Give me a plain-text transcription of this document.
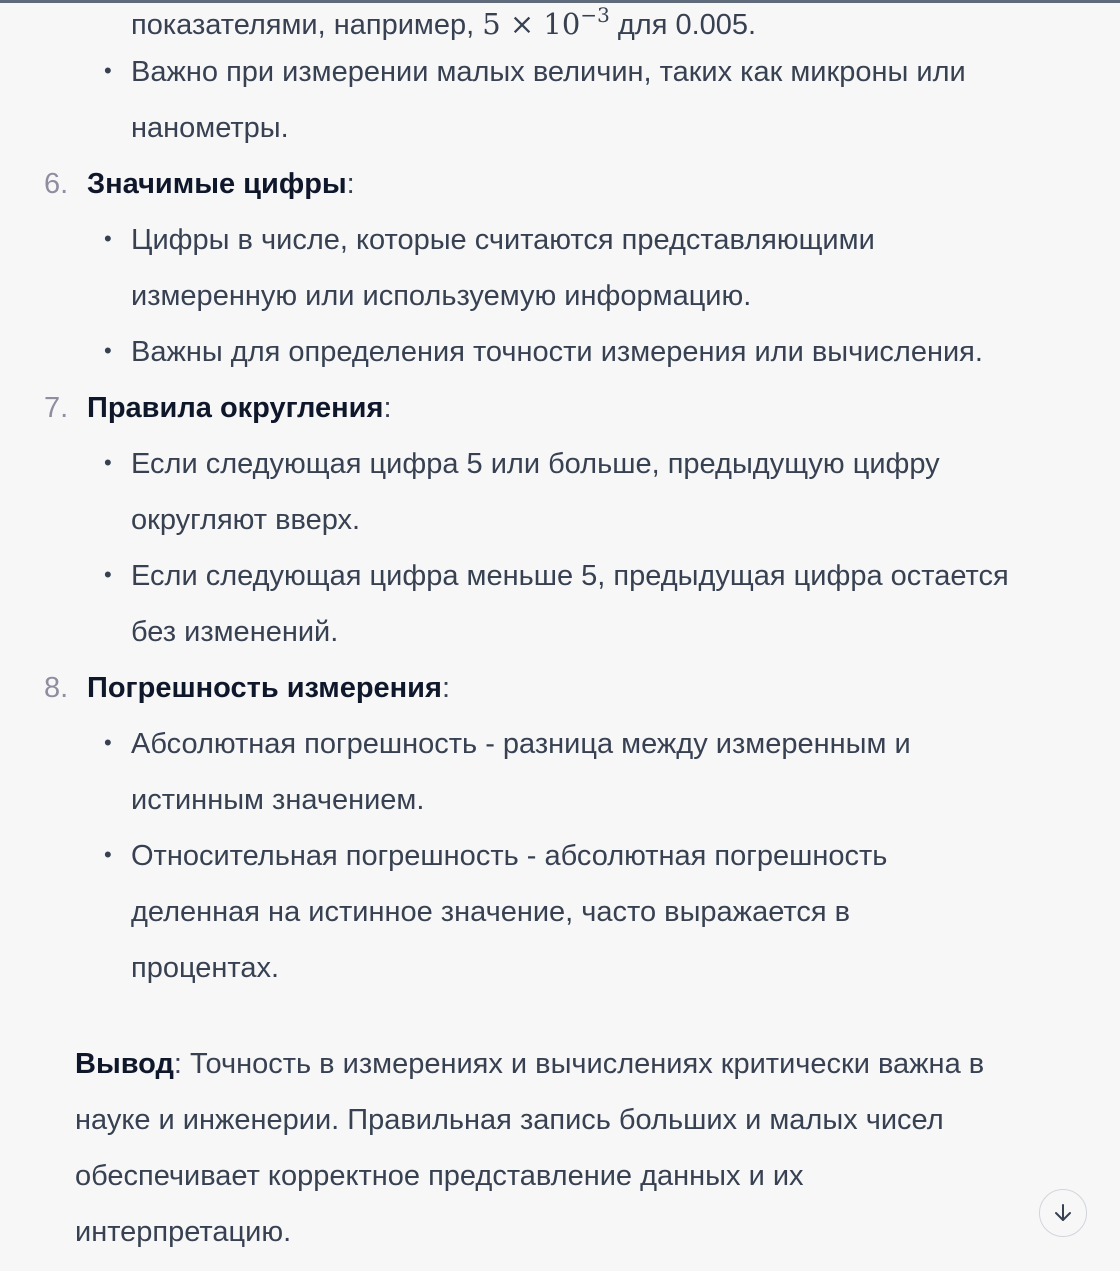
показателями, например, $5 \times 10^{-3}$ для 0.005.
• Важно при измерении малых величин, таких как микроны или
нанометры.
6. Значимые цифры:
• Цифры в числе, которые считаются представляющими
измеренную или используемую информацию.
• Важны для определения точности измерения или вычисления.
7. Правила округления:
• Если следующая цифра 5 или больше, предыдущую цифру
округляют вверх.
• Если следующая цифра меньше 5, предыдущая цифра остается
без изменений.
8. Погрешность измерения:
• Абсолютная погрешность - разница между измеренным и
истинным значением.
• Относительная погрешность - абсолютная погрешность
деленная на истинное значение, часто выражается в
процентах.
Вывод: Точность в измерениях и вычислениях критически важна в
науке и инженерии. Правильная запись больших и малых чисел
обеспечивает корректное представление данных и их
интерпретацию.
